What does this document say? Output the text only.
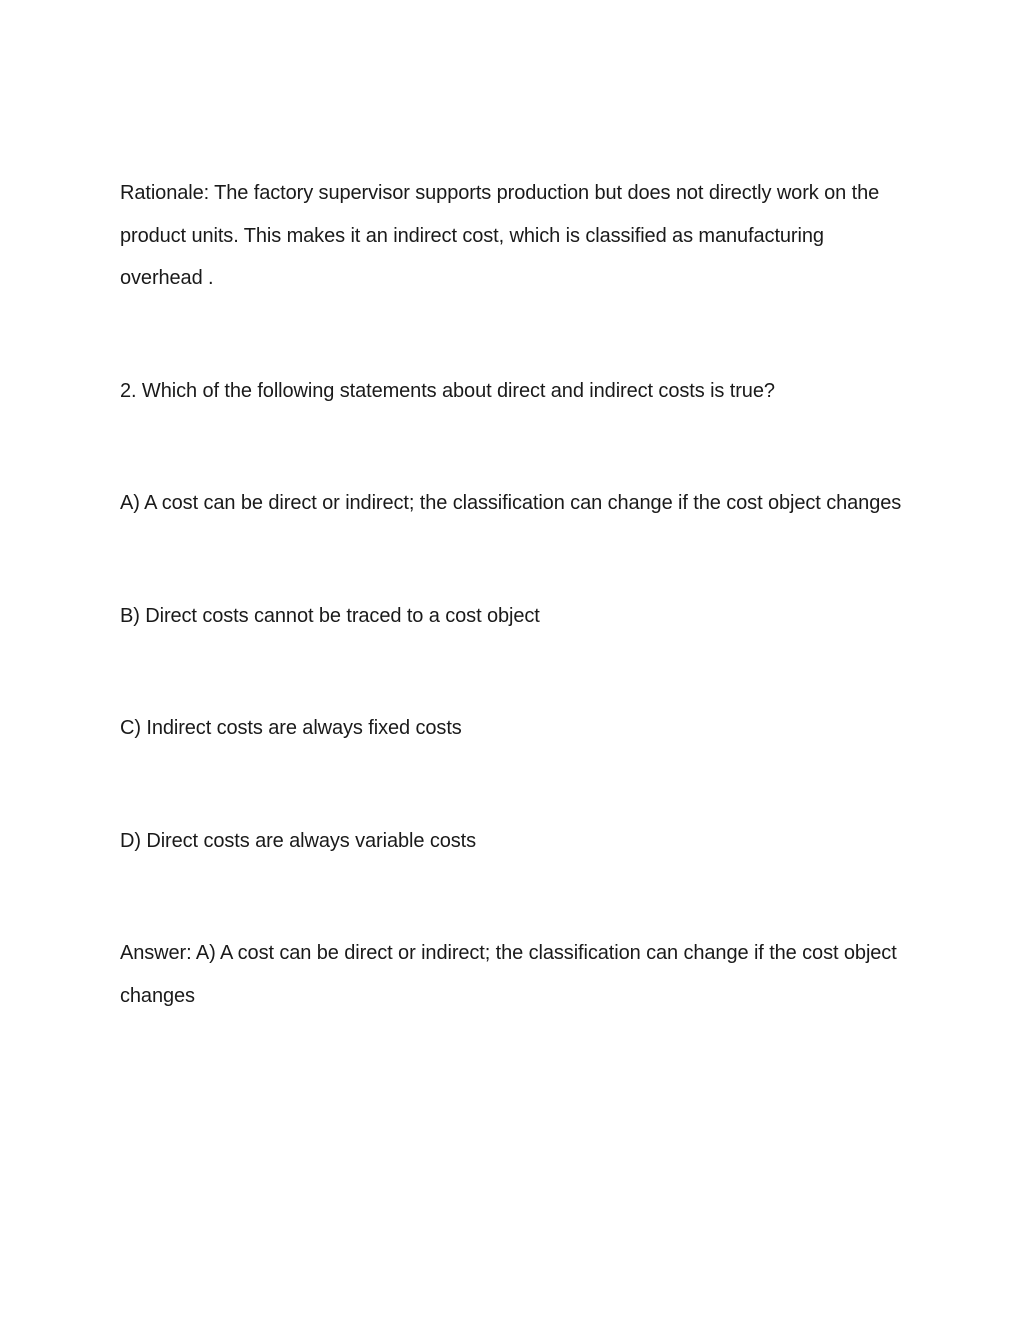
Rationale: The factory supervisor supports production but does not directly work on the product units. This makes it an indirect cost, which is classified as manufacturing overhead .

2. Which of the following statements about direct and indirect costs is true?

A) A cost can be direct or indirect; the classification can change if the cost object changes

B) Direct costs cannot be traced to a cost object

C) Indirect costs are always fixed costs

D) Direct costs are always variable costs

Answer: A) A cost can be direct or indirect; the classification can change if the cost object changes
